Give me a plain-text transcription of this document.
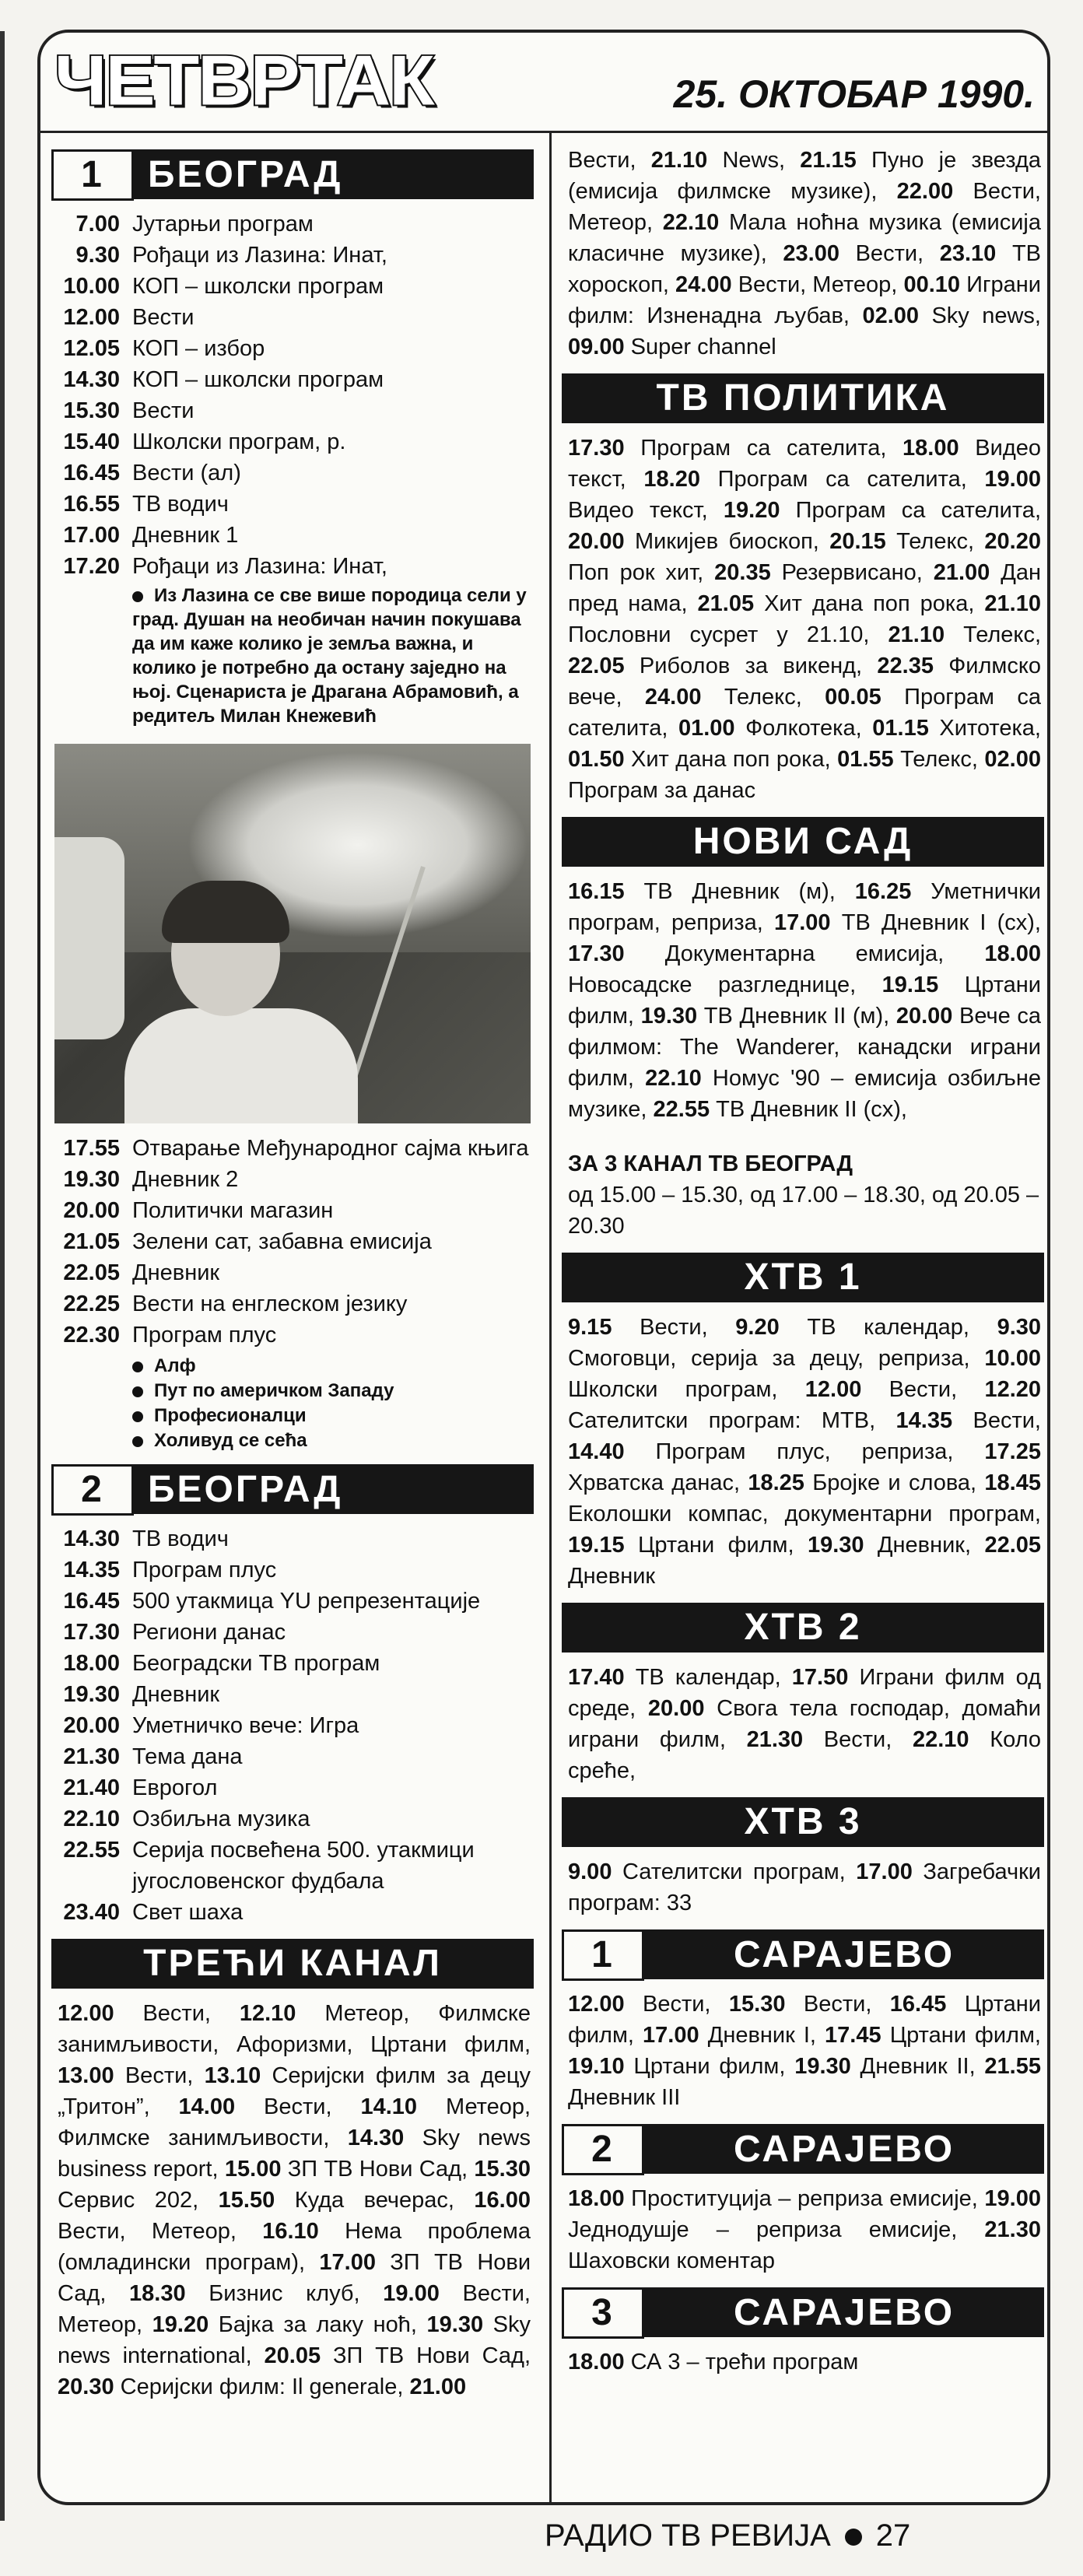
ЧЕТВРТАК	25. ОКТОБАР 1990.
1	БЕОГРАД
7.00 Јутарњи програм
9.30 Рођаци из Лазина: Инат,
10.00 КОП – школски програм
12.00 Вести
12.05 КОП – избор
14.30 КОП – школски програм
15.30 Вести
15.40 Школски програм, р.
16.45 Вести (ал)
16.55 ТВ водич
17.00 Дневник 1
17.20 Рођаци из Лазина: Инат,
Из Лазина се све више породица сели у град. Душан на необичан начин покушава да им каже колико је земља важна, и колико је потребно да остану заједно на њој. Сценариста је Драгана Абрамовић, а редитељ Милан Кнежевић
17.55 Отварање Међународног сајма књига
19.30 Дневник 2
20.00 Политички магазин
21.05 Зелени сат, забавна емисија
22.05 Дневник
22.25 Вести на енглеском језику
22.30 Програм плус
Алф
Пут по америчком Западу
Професионалци
Холивуд се сећа
2	БЕОГРАД
14.30 ТВ водич
14.35 Програм плус
16.45 500 утакмица YU репрезентације
17.30 Региони данас
18.00 Београдски ТВ програм
19.30 Дневник
20.00 Уметничко вече: Игра
21.30 Тема дана
21.40 Еврогол
22.10 Озбиљна музика
22.55 Серија посвећена 500. утакмици југословенског фудбала
23.40 Свет шаха
ТРЕЋИ КАНАЛ
12.00 Вести, 12.10 Метеор, Филмске занимљивости, Афоризми, Цртани филм, 13.00 Вести, 13.10 Серијски филм за децу „Тритон”, 14.00 Вести, 14.10 Метеор, Филмске занимљивости, 14.30 Sky news business report, 15.00 ЗП ТВ Нови Сад, 15.30 Сервис 202, 15.50 Куда вечерас, 16.00 Вести, Метеор, 16.10 Нема проблема (омладински програм), 17.00 ЗП ТВ Нови Сад, 18.30 Бизнис клуб, 19.00 Вести, Метеор, 19.20 Бајка за лаку ноћ, 19.30 Sky news international, 20.05 ЗП ТВ Нови Сад, 20.30 Серијски филм: Il generale, 21.00
Вести, 21.10 News, 21.15 Пуно је звезда (емисија филмске музике), 22.00 Вести, Метеор, 22.10 Мала ноћна музика (емисија класичне музике), 23.00 Вести, 23.10 ТВ хороскоп, 24.00 Вести, Метеор, 00.10 Играни филм: Изненадна љубав, 02.00 Sky news, 09.00 Super channel
ТВ ПОЛИТИКА
17.30 Програм са сателита, 18.00 Видео текст, 18.20 Програм са сателита, 19.00 Видео текст, 19.20 Програм са сателита, 20.00 Микијев биоскоп, 20.15 Телекс, 20.20 Поп рок хит, 20.35 Резервисано, 21.00 Дан пред нама, 21.05 Хит дана поп рока, 21.10 Пословни сусрет у 21.10, 21.10 Телекс, 22.05 Риболов за викенд, 22.35 Филмско вече, 24.00 Телекс, 00.05 Програм са сателита, 01.00 Фолкотека, 01.15 Хитотека, 01.50 Хит дана поп рока, 01.55 Телекс, 02.00 Програм за данас
НОВИ САД
16.15 ТВ Дневник (м), 16.25 Уметнички програм, реприза, 17.00 ТВ Дневник I (сх), 17.30 Документарна емисија, 18.00 Новосадске разгледнице, 19.15 Цртани филм, 19.30 ТВ Дневник II (м), 20.00 Вече са филмом: The Wanderer, канадски играни филм, 22.10 Номус '90 – емисија озбиљне музике, 22.55 ТВ Дневник II (сх),
ЗА 3 КАНАЛ ТВ БЕОГРАД
од 15.00 – 15.30, од 17.00 – 18.30, од 20.05 – 20.30
ХТВ 1
9.15 Вести, 9.20 ТВ календар, 9.30 Смоговци, серија за децу, реприза, 10.00 Школски програм, 12.00 Вести, 12.20 Сателитски програм: МТВ, 14.35 Вести, 14.40 Програм плус, реприза, 17.25 Хрватска данас, 18.25 Бројке и слова, 18.45 Еколошки компас, документарни програм, 19.15 Цртани филм, 19.30 Дневник, 22.05 Дневник
ХТВ 2
17.40 ТВ календар, 17.50 Играни филм од среде, 20.00 Свога тела господар, домаћи играни филм, 21.30 Вести, 22.10 Коло среће,
ХТВ 3
9.00 Сателитски програм, 17.00 Загребачки програм: 33
1	САРАЈЕВО
12.00 Вести, 15.30 Вести, 16.45 Цртани филм, 17.00 Дневник I, 17.45 Цртани филм, 19.10 Цртани филм, 19.30 Дневник II, 21.55 Дневник III
2	САРАЈЕВО
18.00 Проституција – реприза емисије, 19.00 Једнодушје – реприза емисије, 21.30 Шаховски коментар
3	САРАЈЕВО
18.00 СА 3 – трећи програм
РАДИО ТВ РЕВИЈА 27
